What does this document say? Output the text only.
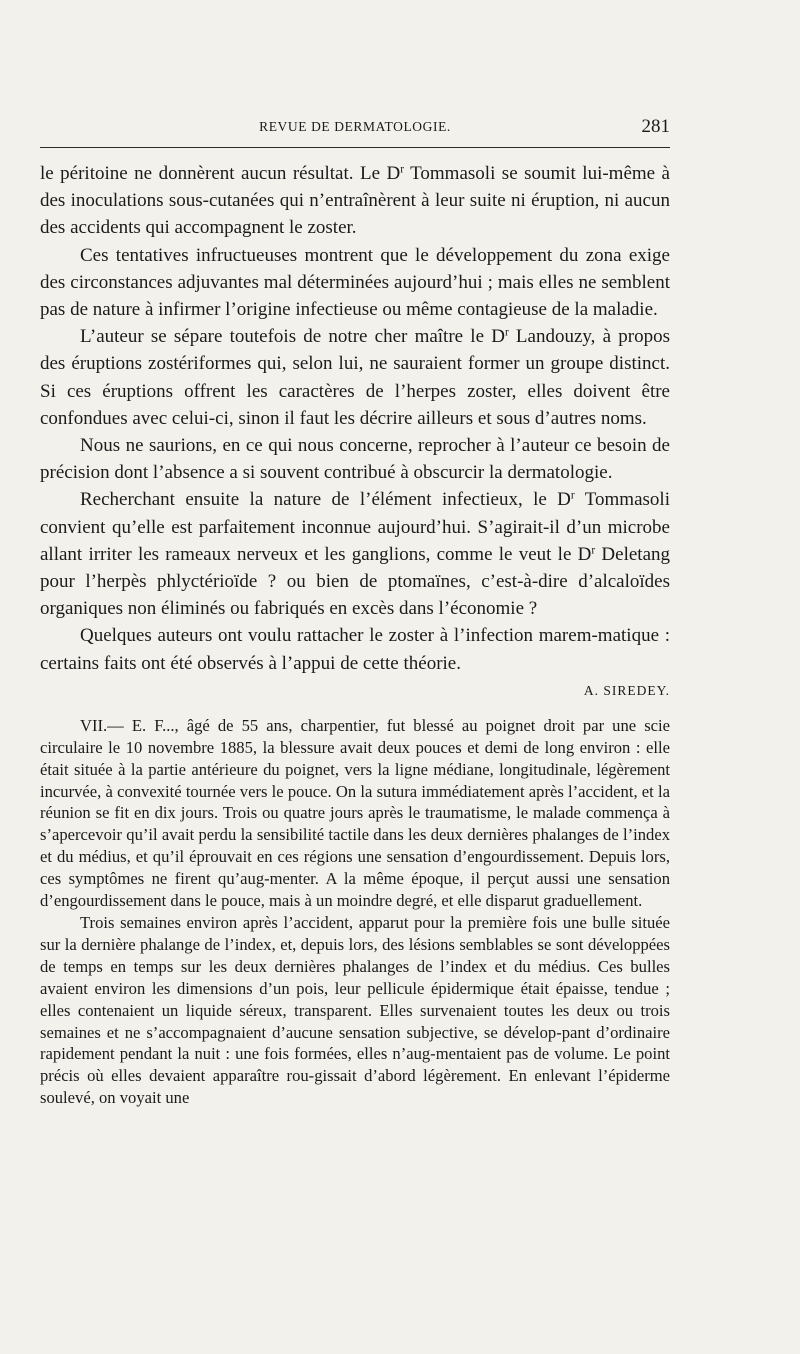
REVUE DE DERMATOLOGIE.	281

le péritoine ne donnèrent aucun résultat. Le $D^r$ Tommasoli se soumit lui-même à des inoculations sous-cutanées qui n’entraînèrent à leur suite ni éruption, ni aucun des accidents qui accompagnent le zoster.

Ces tentatives infructueuses montrent que le développement du zona exige des circonstances adjuvantes mal déterminées aujourd’hui ; mais elles ne semblent pas de nature à infirmer l’origine infectieuse ou même contagieuse de la maladie.

L’auteur se sépare toutefois de notre cher maître le $D^r$ Landouzy, à propos des éruptions zostériformes qui, selon lui, ne sauraient former un groupe distinct. Si ces éruptions offrent les caractères de l’herpes zoster, elles doivent être confondues avec celui-ci, sinon il faut les décrire ailleurs et sous d’autres noms.

Nous ne saurions, en ce qui nous concerne, reprocher à l’auteur ce besoin de précision dont l’absence a si souvent contribué à obscurcir la dermatologie.

Recherchant ensuite la nature de l’élément infectieux, le $D^r$ Tommasoli convient qu’elle est parfaitement inconnue aujourd’hui. S’agirait-il d’un microbe allant irriter les rameaux nerveux et les ganglions, comme le veut le $D^r$ Deletang pour l’herpès phlyctérioïde ? ou bien de ptomaïnes, c’est-à-dire d’alcaloïdes organiques non éliminés ou fabriqués en excès dans l’économie ?

Quelques auteurs ont voulu rattacher le zoster à l’infection marem-matique : certains faits ont été observés à l’appui de cette théorie.

A. SIREDEY.

VII.— E. F..., âgé de 55 ans, charpentier, fut blessé au poignet droit par une scie circulaire le 10 novembre 1885, la blessure avait deux pouces et demi de long environ : elle était située à la partie antérieure du poignet, vers la ligne médiane, longitudinale, légèrement incurvée, à convexité tournée vers le pouce. On la sutura immédiatement après l’accident, et la réunion se fit en dix jours. Trois ou quatre jours après le traumatisme, le malade commença à s’apercevoir qu’il avait perdu la sensibilité tactile dans les deux dernières phalanges de l’index et du médius, et qu’il éprouvait en ces régions une sensation d’engourdissement. Depuis lors, ces symptômes ne firent qu’aug-menter. A la même époque, il perçut aussi une sensation d’engourdissement dans le pouce, mais à un moindre degré, et elle disparut graduellement.

Trois semaines environ après l’accident, apparut pour la première fois une bulle située sur la dernière phalange de l’index, et, depuis lors, des lésions semblables se sont développées de temps en temps sur les deux dernières phalanges de l’index et du médius. Ces bulles avaient environ les dimensions d’un pois, leur pellicule épidermique était épaisse, tendue ; elles contenaient un liquide séreux, transparent. Elles survenaient toutes les deux ou trois semaines et ne s’accompagnaient d’aucune sensation subjective, se dévelop-pant d’ordinaire rapidement pendant la nuit : une fois formées, elles n’aug-mentaient pas de volume. Le point précis où elles devaient apparaître rou-gissait d’abord légèrement. En enlevant l’épiderme soulevé, on voyait une
